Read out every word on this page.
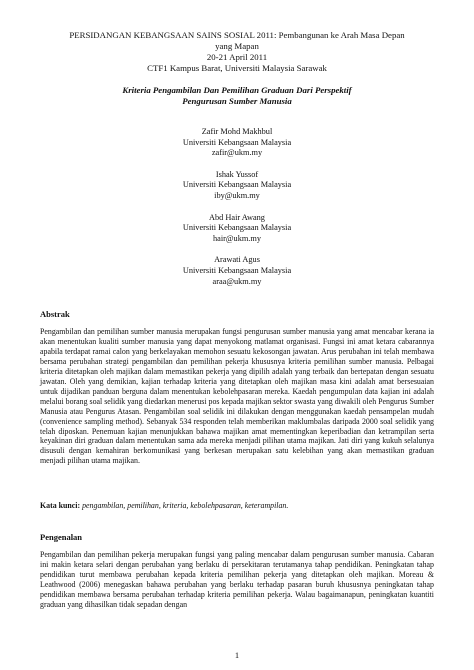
PERSIDANGAN KEBANGSAAN SAINS SOSIAL 2011: Pembangunan ke Arah Masa Depan
yang Mapan
20-21 April 2011
CTF1 Kampus Barat, Universiti Malaysia Sarawak
Kriteria Pengambilan Dan Pemilihan Graduan Dari Perspektif
Pengurusan Sumber Manusia
Zafir Mohd Makhbul
Universiti Kebangsaan Malaysia
zafir@ukm.my
Ishak Yussof
Universiti Kebangsaan Malaysia
iby@ukm.my
Abd Hair Awang
Universiti Kebangsaan Malaysia
hair@ukm.my
Arawati Agus
Universiti Kebangsaan Malaysia
araa@ukm.my
Abstrak
Pengambilan dan pemilihan sumber manusia merupakan fungsi pengurusan sumber manusia yang amat mencabar kerana ia akan menentukan kualiti sumber manusia yang dapat menyokong matlamat organisasi. Fungsi ini amat ketara cabarannya apabila terdapat ramai calon yang berkelayakan memohon sesuatu kekosongan jawatan. Arus perubahan ini telah membawa bersama perubahan strategi pengambilan dan pemilihan pekerja khususnya kriteria pemilihan sumber manusia. Pelbagai kriteria ditetapkan oleh majikan dalam memastikan pekerja yang dipilih adalah yang terbaik dan bertepatan dengan sesuatu jawatan. Oleh yang demikian, kajian terhadap kriteria yang ditetapkan oleh majikan masa kini adalah amat bersesuaian untuk dijadikan panduan berguna dalam menentukan kebolehpasaran mereka. Kaedah pengumpulan data kajian ini adalah melalui borang soal selidik yang diedarkan menerusi pos kepada majikan sektor swasta yang diwakili oleh Pengurus Sumber Manusia atau Pengurus Atasan. Pengambilan soal selidik ini dilakukan dengan menggunakan kaedah pensampelan mudah (convenience sampling method). Sebanyak 534 responden telah memberikan maklumbalas daripada 2000 soal selidik yang telah diposkan. Penemuan kajian menunjukkan bahawa majikan amat mementingkan keperibadian dan ketrampilan serta keyakinan diri graduan dalam menentukan sama ada mereka menjadi pilihan utama majikan. Jati diri yang kukuh selalunya disusuli dengan kemahiran berkomunikasi yang berkesan merupakan satu kelebihan yang akan memastikan graduan menjadi pilihan utama majikan.
Kata kunci: pengambilan, pemilihan, kriteria, kebolehpasaran, keterampilan.
Pengenalan
Pengambilan dan pemilihan pekerja merupakan fungsi yang paling mencabar dalam pengurusan sumber manusia. Cabaran ini makin ketara selari dengan perubahan yang berlaku di persekitaran terutamanya tahap pendidikan. Peningkatan tahap pendidikan turut membawa perubahan kepada kriteria pemilihan pekerja yang ditetapkan oleh majikan. Moreau & Leathwood (2006) menegaskan bahawa perubahan yang berlaku terhadap pasaran buruh khususnya peningkatan tahap pendidikan membawa bersama perubahan terhadap kriteria pemilihan pekerja. Walau bagaimanapun, peningkatan kuantiti graduan yang dihasilkan tidak sepadan dengan
1
